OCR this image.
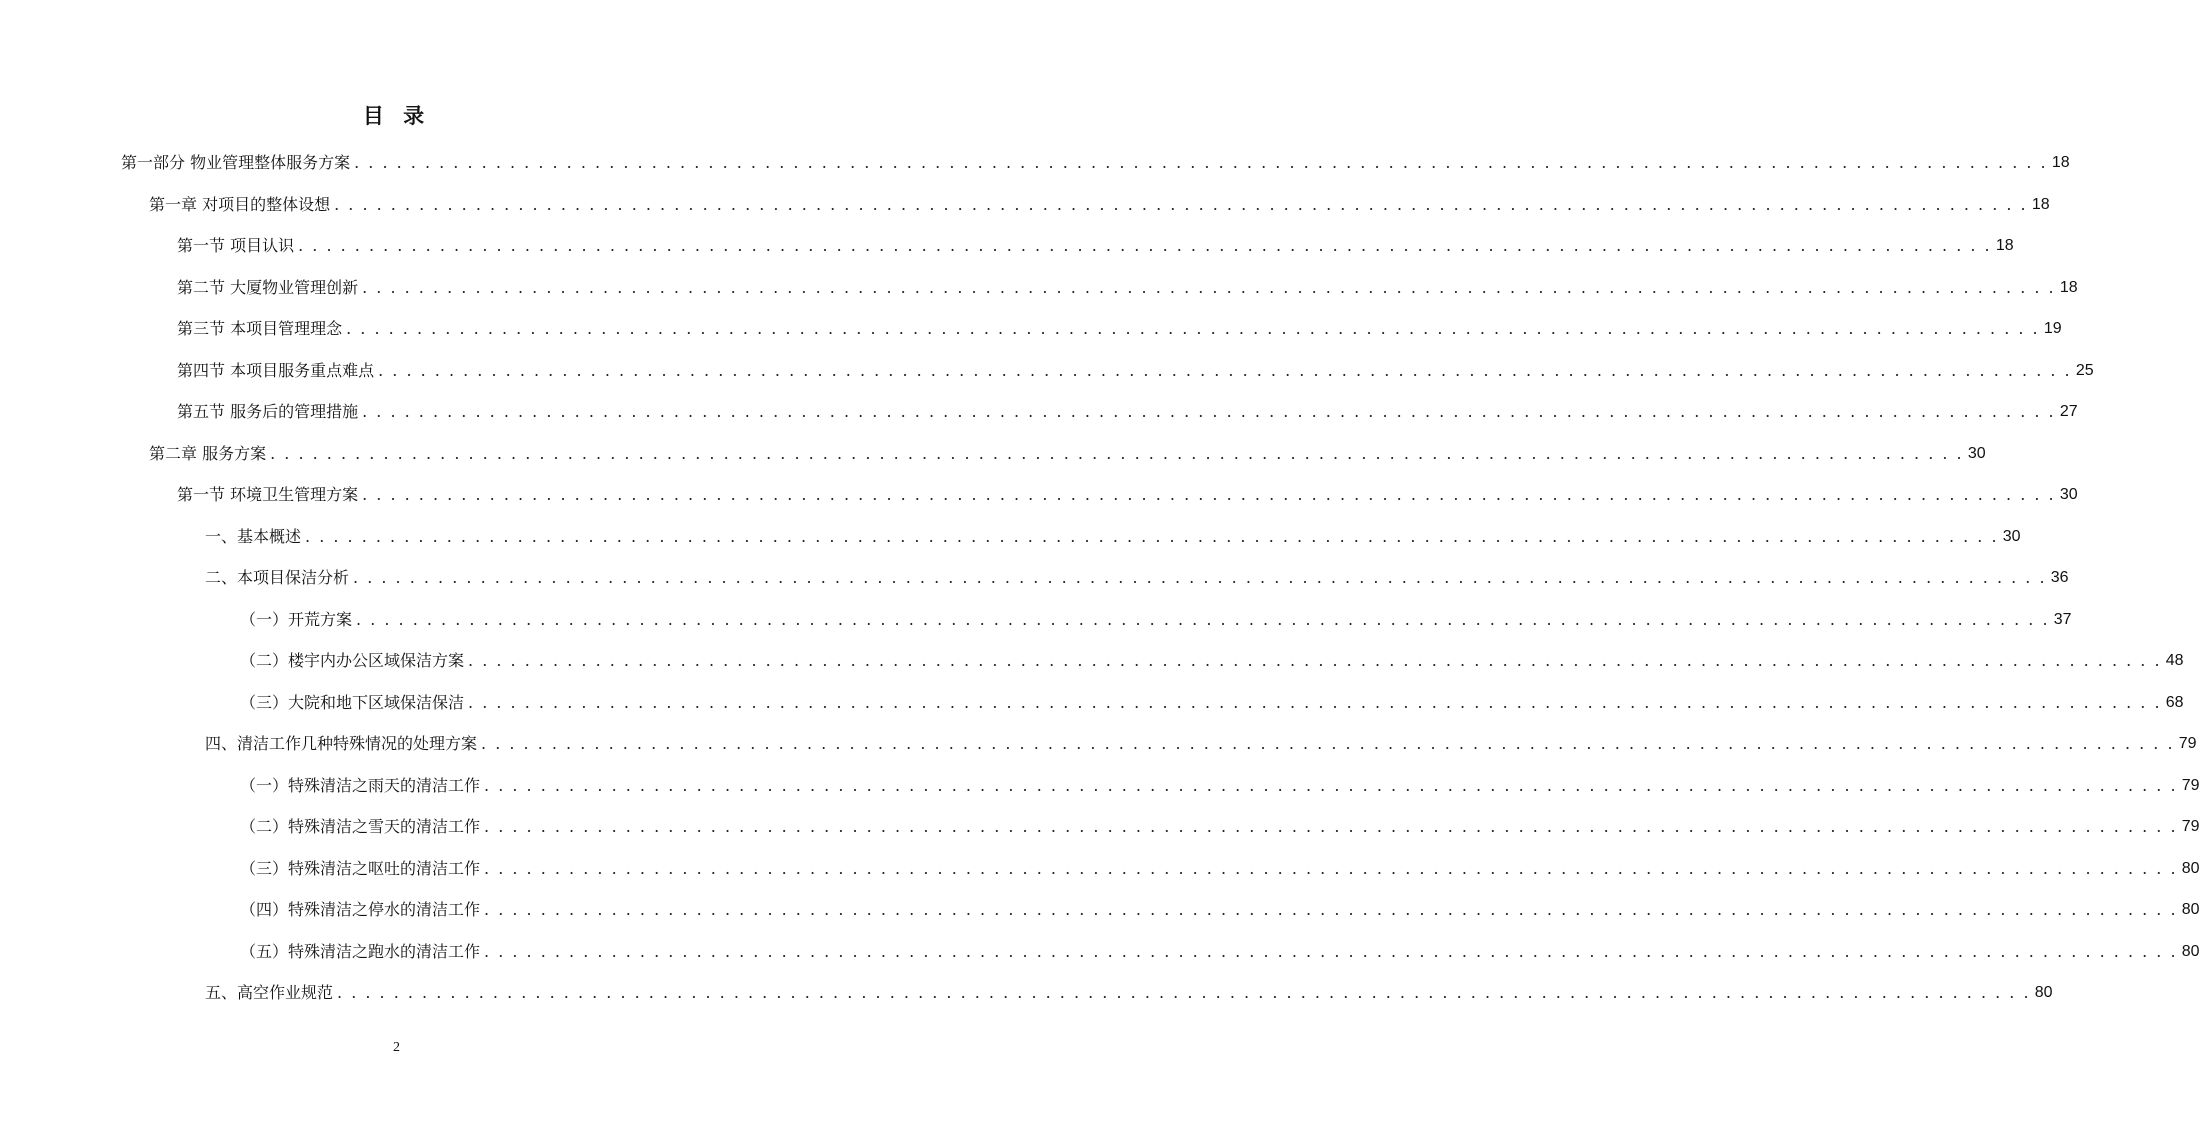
目 录
第一部分 物业管理整体服务方案 . . . . . . . . . . . . . . . . . . . . . . . . . . . . . . . . . . . . . . . . . . . . . . . . . . . . . . . . . . . . . . . . . . . . . . . . . . . . . . . . . . . . . . . . . . . . . . . . . . . . . . . . . . . . . . . . . . . . . . . . 18
第一章 对项目的整体设想 . . . . . . . . . . . . . . . . . . . . . . . . . . . . . . . . . . . . . . . . . . . . . . . . . . . . . . . . . . . . . . . . . . . . . . . . . . . . . . . . . . . . . . . . . . . . . . . . . . . . . . . . . . . . . . . . . . . . . . . . 18
第一节 项目认识 . . . . . . . . . . . . . . . . . . . . . . . . . . . . . . . . . . . . . . . . . . . . . . . . . . . . . . . . . . . . . . . . . . . . . . . . . . . . . . . . . . . . . . . . . . . . . . . . . . . . . . . . . . . . . . . . . . . . . . . . 18
第二节 大厦物业管理创新 . . . . . . . . . . . . . . . . . . . . . . . . . . . . . . . . . . . . . . . . . . . . . . . . . . . . . . . . . . . . . . . . . . . . . . . . . . . . . . . . . . . . . . . . . . . . . . . . . . . . . . . . . . . . . . . . . . . . . . . . 18
第三节 本项目管理理念 . . . . . . . . . . . . . . . . . . . . . . . . . . . . . . . . . . . . . . . . . . . . . . . . . . . . . . . . . . . . . . . . . . . . . . . . . . . . . . . . . . . . . . . . . . . . . . . . . . . . . . . . . . . . . . . . . . . . . . . . 19
第四节 本项目服务重点难点 . . . . . . . . . . . . . . . . . . . . . . . . . . . . . . . . . . . . . . . . . . . . . . . . . . . . . . . . . . . . . . . . . . . . . . . . . . . . . . . . . . . . . . . . . . . . . . . . . . . . . . . . . . . . . . . . . . . . . . . . 25
第五节 服务后的管理措施 . . . . . . . . . . . . . . . . . . . . . . . . . . . . . . . . . . . . . . . . . . . . . . . . . . . . . . . . . . . . . . . . . . . . . . . . . . . . . . . . . . . . . . . . . . . . . . . . . . . . . . . . . . . . . . . . . . . . . . . . 27
第二章 服务方案 . . . . . . . . . . . . . . . . . . . . . . . . . . . . . . . . . . . . . . . . . . . . . . . . . . . . . . . . . . . . . . . . . . . . . . . . . . . . . . . . . . . . . . . . . . . . . . . . . . . . . . . . . . . . . . . . . . . . . . . . 30
第一节 环境卫生管理方案 . . . . . . . . . . . . . . . . . . . . . . . . . . . . . . . . . . . . . . . . . . . . . . . . . . . . . . . . . . . . . . . . . . . . . . . . . . . . . . . . . . . . . . . . . . . . . . . . . . . . . . . . . . . . . . . . . . . . . . . . 30
一、基本概述 . . . . . . . . . . . . . . . . . . . . . . . . . . . . . . . . . . . . . . . . . . . . . . . . . . . . . . . . . . . . . . . . . . . . . . . . . . . . . . . . . . . . . . . . . . . . . . . . . . . . . . . . . . . . . . . . . . . . . . . . 30
二、本项目保洁分析 . . . . . . . . . . . . . . . . . . . . . . . . . . . . . . . . . . . . . . . . . . . . . . . . . . . . . . . . . . . . . . . . . . . . . . . . . . . . . . . . . . . . . . . . . . . . . . . . . . . . . . . . . . . . . . . . . . . . . . . . 36
（一）开荒方案 . . . . . . . . . . . . . . . . . . . . . . . . . . . . . . . . . . . . . . . . . . . . . . . . . . . . . . . . . . . . . . . . . . . . . . . . . . . . . . . . . . . . . . . . . . . . . . . . . . . . . . . . . . . . . . . . . . . . . . . . 37
（二）楼宇内办公区域保洁方案 . . . . . . . . . . . . . . . . . . . . . . . . . . . . . . . . . . . . . . . . . . . . . . . . . . . . . . . . . . . . . . . . . . . . . . . . . . . . . . . . . . . . . . . . . . . . . . . . . . . . . . . . . . . . . . . . . . . . . . . . 48
（三）大院和地下区域保洁保洁 . . . . . . . . . . . . . . . . . . . . . . . . . . . . . . . . . . . . . . . . . . . . . . . . . . . . . . . . . . . . . . . . . . . . . . . . . . . . . . . . . . . . . . . . . . . . . . . . . . . . . . . . . . . . . . . . . . . . . . . . 68
四、清洁工作几种特殊情况的处理方案 . . . . . . . . . . . . . . . . . . . . . . . . . . . . . . . . . . . . . . . . . . . . . . . . . . . . . . . . . . . . . . . . . . . . . . . . . . . . . . . . . . . . . . . . . . . . . . . . . . . . . . . . . . . . . . . . . . . . . . . . 79
（一）特殊清洁之雨天的清洁工作 . . . . . . . . . . . . . . . . . . . . . . . . . . . . . . . . . . . . . . . . . . . . . . . . . . . . . . . . . . . . . . . . . . . . . . . . . . . . . . . . . . . . . . . . . . . . . . . . . . . . . . . . . . . . . . . . . . . . . . . . 79
（二）特殊清洁之雪天的清洁工作 . . . . . . . . . . . . . . . . . . . . . . . . . . . . . . . . . . . . . . . . . . . . . . . . . . . . . . . . . . . . . . . . . . . . . . . . . . . . . . . . . . . . . . . . . . . . . . . . . . . . . . . . . . . . . . . . . . . . . . . . 79
（三）特殊清洁之呕吐的清洁工作 . . . . . . . . . . . . . . . . . . . . . . . . . . . . . . . . . . . . . . . . . . . . . . . . . . . . . . . . . . . . . . . . . . . . . . . . . . . . . . . . . . . . . . . . . . . . . . . . . . . . . . . . . . . . . . . . . . . . . . . . 80
（四）特殊清洁之停水的清洁工作 . . . . . . . . . . . . . . . . . . . . . . . . . . . . . . . . . . . . . . . . . . . . . . . . . . . . . . . . . . . . . . . . . . . . . . . . . . . . . . . . . . . . . . . . . . . . . . . . . . . . . . . . . . . . . . . . . . . . . . . . 80
（五）特殊清洁之跑水的清洁工作 . . . . . . . . . . . . . . . . . . . . . . . . . . . . . . . . . . . . . . . . . . . . . . . . . . . . . . . . . . . . . . . . . . . . . . . . . . . . . . . . . . . . . . . . . . . . . . . . . . . . . . . . . . . . . . . . . . . . . . . . 80
五、高空作业规范 . . . . . . . . . . . . . . . . . . . . . . . . . . . . . . . . . . . . . . . . . . . . . . . . . . . . . . . . . . . . . . . . . . . . . . . . . . . . . . . . . . . . . . . . . . . . . . . . . . . . . . . . . . . . . . . . . . . . . . . . 80
2
